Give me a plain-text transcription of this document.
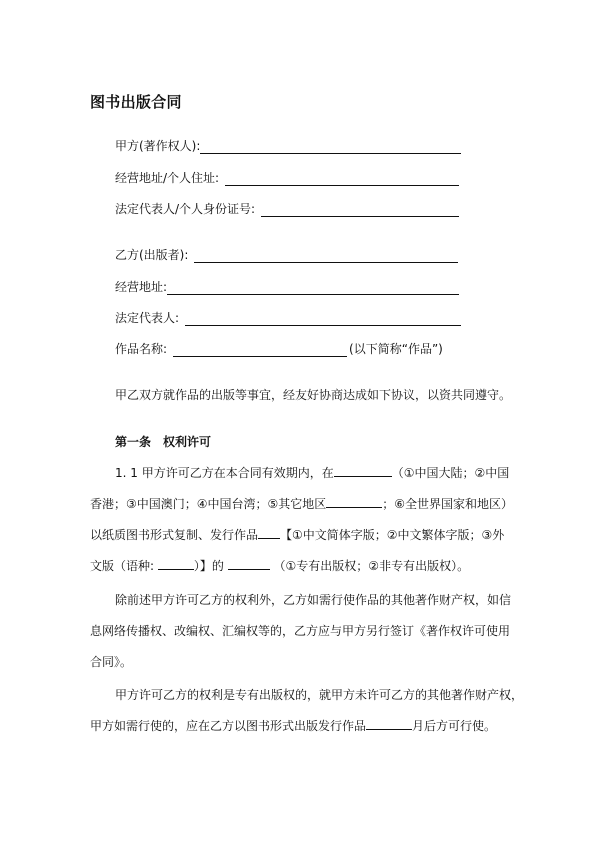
图书出版合同
甲方(著作权人):
经营地址/个人住址:
法定代表人/个人身份证号:
乙方(出版者):
经营地址:
法定代表人:
作品名称:	(以下简称“作品”)
甲乙双方就作品的出版等事宜，经友好协商达成如下协议，以资共同遵守。
第一条　权利许可
1. 1 甲方许可乙方在本合同有效期内，在	（①中国大陆；②中国
香港；③中国澳门；④中国台湾；⑤其它地区	；⑥全世界国家和地区）
以纸质图书形式复制、发行作品 【①中文简体字版；②中文繁体字版；③外
文版（语种:	）】的	（①专有出版权；②非专有出版权）。
除前述甲方许可乙方的权利外，乙方如需行使作品的其他著作财产权，如信
息网络传播权、改编权、汇编权等的，乙方应与甲方另行签订《著作权许可使用
合同》。
甲方许可乙方的权利是专有出版权的，就甲方未许可乙方的其他著作财产权，
甲方如需行使的，应在乙方以图书形式出版发行作品	月后方可行使。
